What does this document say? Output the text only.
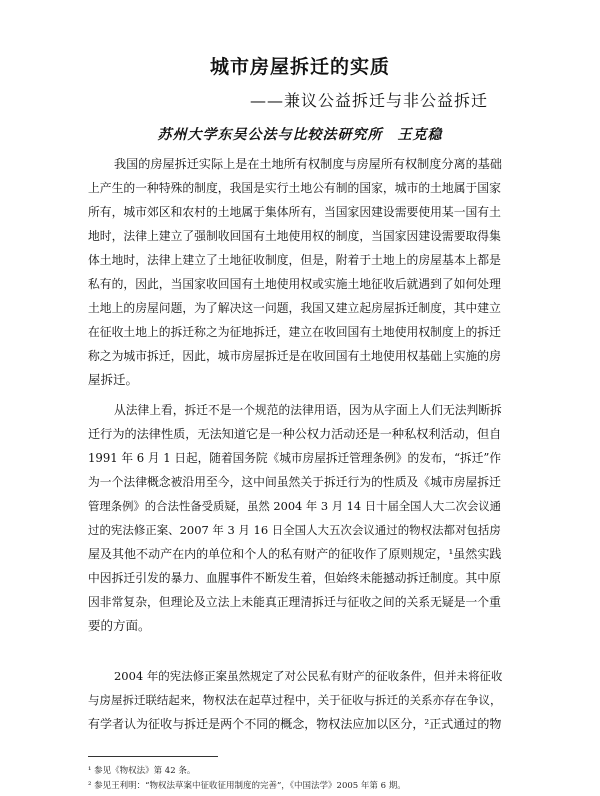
城市房屋拆迁的实质
——兼议公益拆迁与非公益拆迁
苏州大学东吴公法与比较法研究所　王克稳
我国的房屋拆迁实际上是在土地所有权制度与房屋所有权制度分离的基础
上产生的一种特殊的制度，我国是实行土地公有制的国家，城市的土地属于国家
所有，城市郊区和农村的土地属于集体所有，当国家因建设需要使用某一国有土
地时，法律上建立了强制收回国有土地使用权的制度，当国家因建设需要取得集
体土地时，法律上建立了土地征收制度，但是，附着于土地上的房屋基本上都是
私有的，因此，当国家收回国有土地使用权或实施土地征收后就遇到了如何处理
土地上的房屋问题，为了解决这一问题，我国又建立起房屋拆迁制度，其中建立
在征收土地上的拆迁称之为征地拆迁，建立在收回国有土地使用权制度上的拆迁
称之为城市拆迁，因此，城市房屋拆迁是在收回国有土地使用权基础上实施的房
屋拆迁。
从法律上看，拆迁不是一个规范的法律用语，因为从字面上人们无法判断拆
迁行为的法律性质，无法知道它是一种公权力活动还是一种私权利活动，但自
1991 年 6 月 1 日起，随着国务院《城市房屋拆迁管理条例》的发布，“拆迁”作
为一个法律概念被沿用至今，这中间虽然关于拆迁行为的性质及《城市房屋拆迁
管理条例》的合法性备受质疑，虽然 2004 年 3 月 14 日十届全国人大二次会议通
过的宪法修正案、2007 年 3 月 16 日全国人大五次会议通过的物权法都对包括房
屋及其他不动产在内的单位和个人的私有财产的征收作了原则规定，¹虽然实践
中因拆迁引发的暴力、血腥事件不断发生着，但始终未能撼动拆迁制度。其中原
因非常复杂，但理论及立法上未能真正理清拆迁与征收之间的关系无疑是一个重
要的方面。
2004 年的宪法修正案虽然规定了对公民私有财产的征收条件，但并未将征收
与房屋拆迁联结起来，物权法在起草过程中，关于征收与拆迁的关系亦存在争议，
有学者认为征收与拆迁是两个不同的概念，物权法应加以区分，²正式通过的物
¹ 参见《物权法》第 42 条。
² 参见王利明：“物权法草案中征收征用制度的完善”，《中国法学》2005 年第 6 期。
